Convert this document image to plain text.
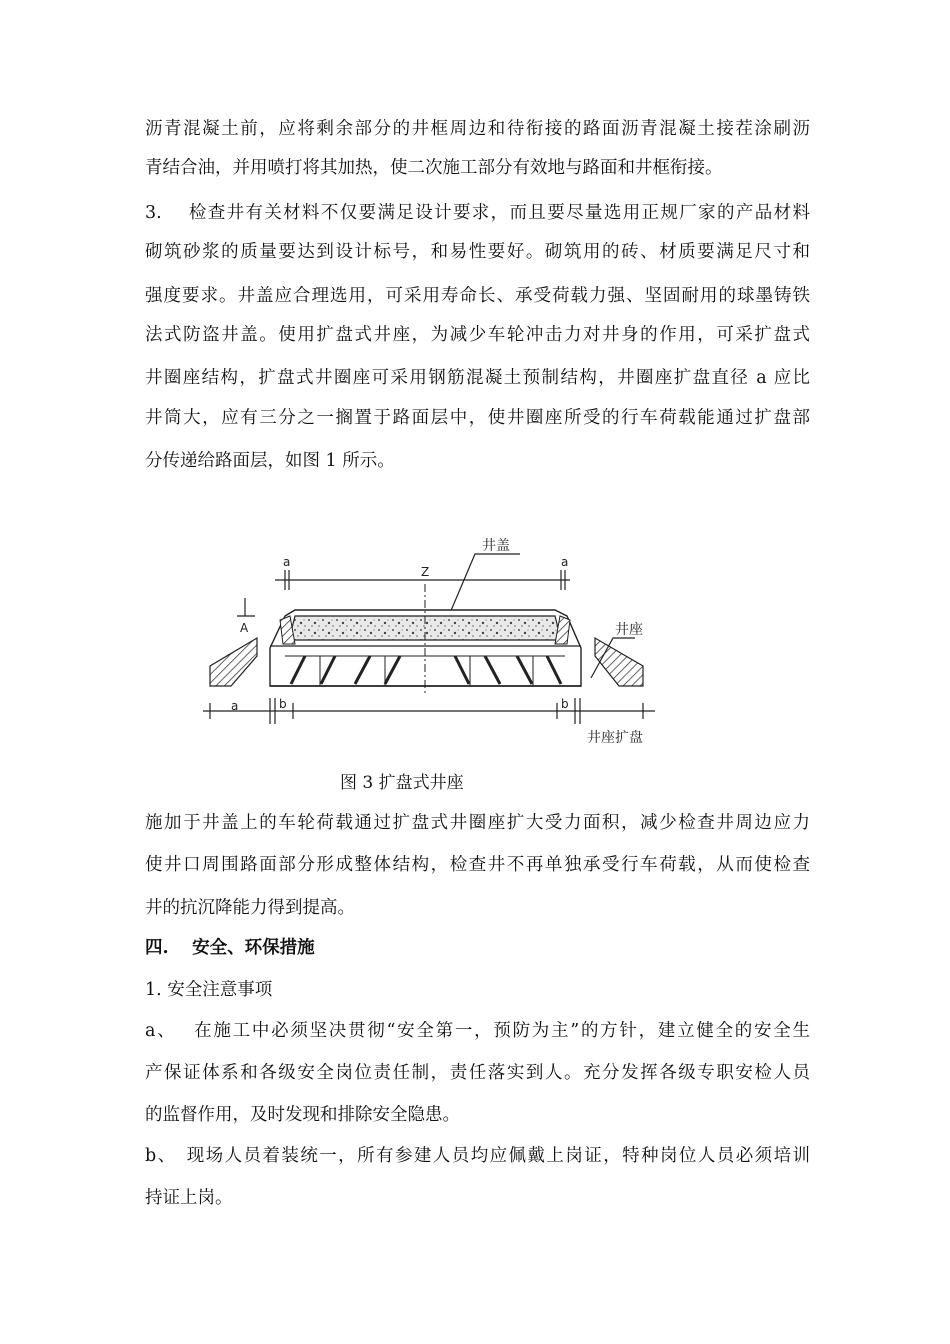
沥青混凝土前，应将剩余部分的井框周边和待衔接的路面沥青混凝土接茬涂刷沥
青结合油，并用喷打将其加热，使二次施工部分有效地与路面和井框衔接。
3.　 检查井有关材料不仅要满足设计要求，而且要尽量选用正规厂家的产品材料
砌筑砂浆的质量要达到设计标号，和易性要好。砌筑用的砖、材质要满足尺寸和
强度要求。井盖应合理选用，可采用寿命长、承受荷载力强、坚固耐用的球墨铸铁
法式防盗井盖。使用扩盘式井座，为减少车轮冲击力对井身的作用，可采扩盘式
井圈座结构，扩盘式井圈座可采用钢筋混凝土预制结构，井圈座扩盘直径 a 应比
井筒大，应有三分之一搁置于路面层中，使井圈座所受的行车荷载能通过扩盘部
分传递给路面层，如图 1 所示。
a	a
Z
井盖
A	井座
a	b	b
井座扩盘
图 3 扩盘式井座
施加于井盖上的车轮荷载通过扩盘式井圈座扩大受力面积，减少检查井周边应力
使井口周围路面部分形成整体结构，检查井不再单独承受行车荷载，从而使检查
井的抗沉降能力得到提高。
四.　 安全、环保措施
1. 安全注意事项
a、　 在施工中必须坚决贯彻“安全第一，预防为主”的方针，建立健全的安全生
产保证体系和各级安全岗位责任制，责任落实到人。充分发挥各级专职安检人员
的监督作用，及时发现和排除安全隐患。
b、　现场人员着装统一，所有参建人员均应佩戴上岗证，特种岗位人员必须培训
持证上岗。
